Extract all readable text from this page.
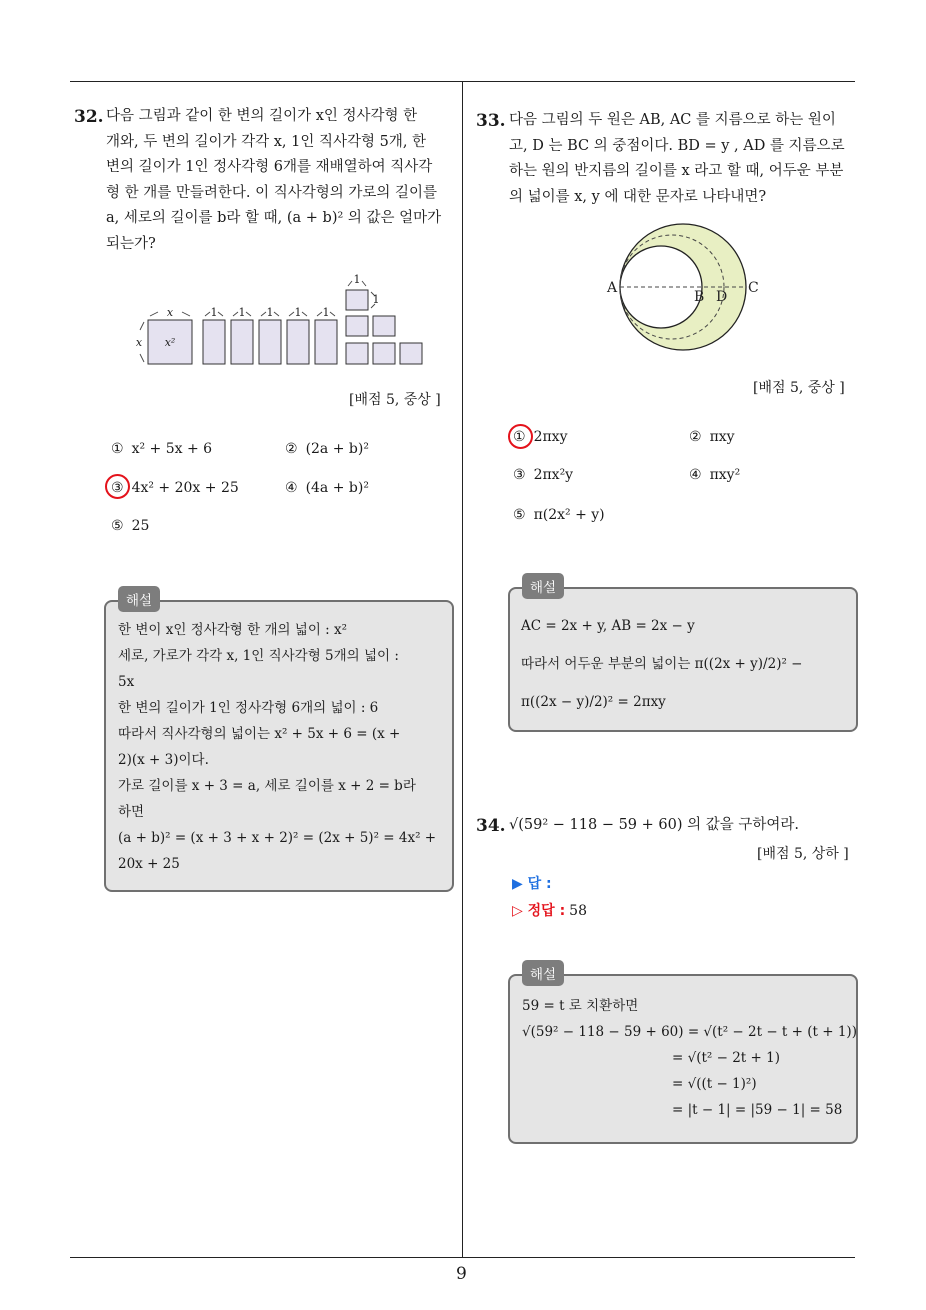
32. 다음 그림과 같이 한 변의 길이가 x인 정사각형 한

개와, 두 변의 길이가 각각 x, 1인 직사각형 5개, 한

변의 길이가 1인 정사각형 6개를 재배열하여 직사각

형 한 개를 만들려한다. 이 직사각형의 가로의 길이를

a, 세로의 길이를 b라 할 때, (a + b)² 의 값은 얼마가

되는가?

x
x x²
1 1 1 1 1
1
1
[배점 5, 중상 ]
① x² + 5x + 6	② (2a + b)²
③ 4x² + 20x + 25	④ (4a + b)²
⑤ 25
해설

한 변이 x인 정사각형 한 개의 넓이 : x²

세로, 가로가 각각 x, 1인 직사각형 5개의 넓이 :

5x

한 변의 길이가 1인 정사각형 6개의 넓이 : 6

따라서 직사각형의 넓이는 x² + 5x + 6 = (x +

2)(x + 3)이다.

가로 길이를 x + 3 = a, 세로 길이를 x + 2 = b라

하면

(a + b)² = (x + 3 + x + 2)² = (2x + 5)² = 4x² +

20x + 25

33. 다음 그림의 두 원은 AB, AC 를 지름으로 하는 원이

고, D 는 BC 의 중점이다. BD = y , AD 를 지름으로

하는 원의 반지름의 길이를 x 라고 할 때, 어두운 부분

의 넓이를 x, y 에 대한 문자로 나타내면?

A
B D
C
[배점 5, 중상 ]
① 2πxy	② πxy
③ 2πx²y	④ πxy²
⑤ π(2x² + y)
해설

AC = 2x + y, AB = 2x − y

따라서 어두운 부분의 넓이는 π((2x + y)/2)² −

π((2x − y)/2)² = 2πxy

34. √(59² − 118 − 59 + 60) 의 값을 구하여라.
[배점 5, 상하 ]
▶ 답 :
▷ 정답 : 58
해설

59 = t 로 치환하면

√(59² − 118 − 59 + 60) = √(t² − 2t − t + (t + 1))

= √(t² − 2t + 1)

= √((t − 1)²)

= |t − 1| = |59 − 1| = 58

9
